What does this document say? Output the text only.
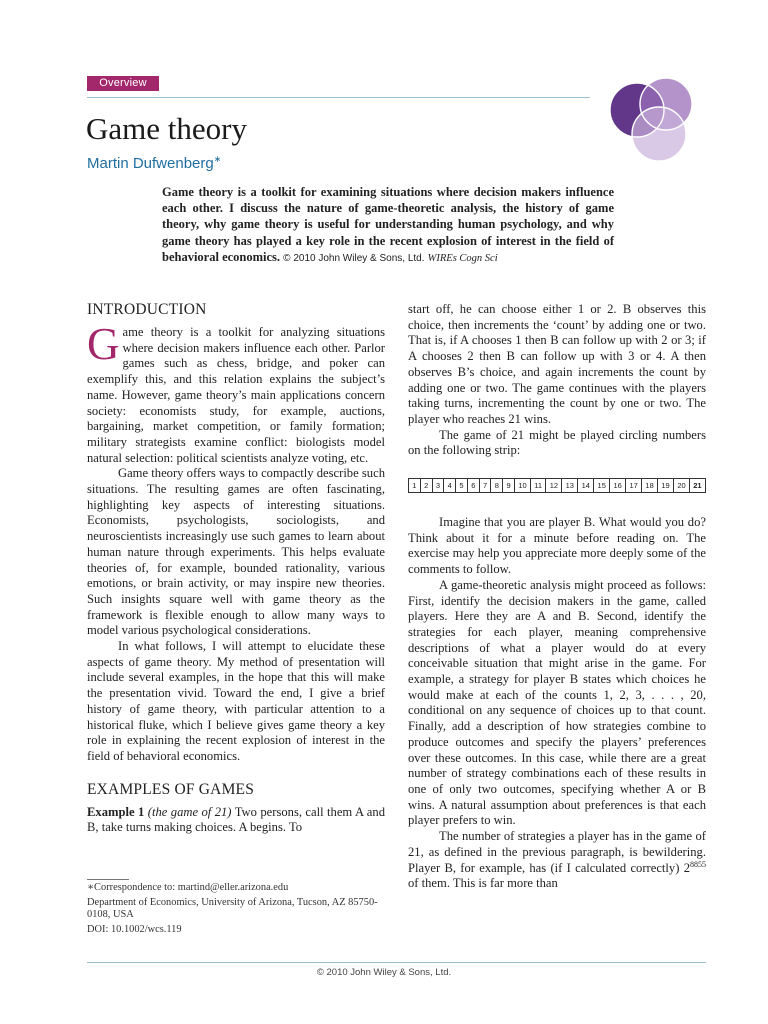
Overview
Game theory
Martin Dufwenberg∗
Game theory is a toolkit for examining situations where decision makers influence each other. I discuss the nature of game-theoretic analysis, the history of game theory, why game theory is useful for understanding human psychology, and why game theory has played a key role in the recent explosion of interest in the field of behavioral economics. © 2010 John Wiley & Sons, Ltd. WIREs Cogn Sci
INTRODUCTION

Game theory is a toolkit for analyzing situations where decision makers influence each other. Parlor games such as chess, bridge, and poker can exemplify this, and this relation explains the subject’s name. However, game theory’s main applications concern society: economists study, for example, auctions, bargaining, market competition, or family formation; military strategists examine conflict: biologists model natural selection: political scientists analyze voting, etc.

Game theory offers ways to compactly describe such situations. The resulting games are often fascinating, highlighting key aspects of interesting situations. Economists, psychologists, sociologists, and neuroscientists increasingly use such games to learn about human nature through experiments. This helps evaluate theories of, for example, bounded rationality, various emotions, or brain activity, or may inspire new theories. Such insights square well with game theory as the framework is flexible enough to allow many ways to model various psychological considerations.

In what follows, I will attempt to elucidate these aspects of game theory. My method of presentation will include several examples, in the hope that this will make the presentation vivid. Toward the end, I give a brief history of game theory, with particular attention to a historical fluke, which I believe gives game theory a key role in explaining the recent explosion of interest in the field of behavioral economics.

EXAMPLES OF GAMES

Example 1 (the game of 21) Two persons, call them A and B, take turns making choices. A begins. To

∗Correspondence to: martind@eller.arizona.edu
Department of Economics, University of Arizona, Tucson, AZ 85750-0108, USA
DOI: 10.1002/wcs.119

start off, he can choose either 1 or 2. B observes this choice, then increments the ‘count’ by adding one or two. That is, if A chooses 1 then B can follow up with 2 or 3; if A chooses 2 then B can follow up with 3 or 4. A then observes B’s choice, and again increments the count by adding one or two. The game continues with the players taking turns, incrementing the count by one or two. The player who reaches 21 wins.

The game of 21 might be played circling numbers on the following strip:

1	2	3	4	5	6	7	8	9	10	11	12	13	14	15	16	17	18	19	20	21

Imagine that you are player B. What would you do? Think about it for a minute before reading on. The exercise may help you appreciate more deeply some of the comments to follow.

A game-theoretic analysis might proceed as follows: First, identify the decision makers in the game, called players. Here they are A and B. Second, identify the strategies for each player, meaning comprehensive descriptions of what a player would do at every conceivable situation that might arise in the game. For example, a strategy for player B states which choices he would make at each of the counts 1, 2, 3, . . . , 20, conditional on any sequence of choices up to that count. Finally, add a description of how strategies combine to produce outcomes and specify the players’ preferences over these outcomes. In this case, while there are a great number of strategy combinations each of these results in one of only two outcomes, specifying whether A or B wins. A natural assumption about preferences is that each player prefers to win.

The number of strategies a player has in the game of 21, as defined in the previous paragraph, is bewildering. Player B, for example, has (if I calculated correctly) $2^{8855}$ of them. This is far more than

© 2010 John Wiley & Sons, Ltd.
